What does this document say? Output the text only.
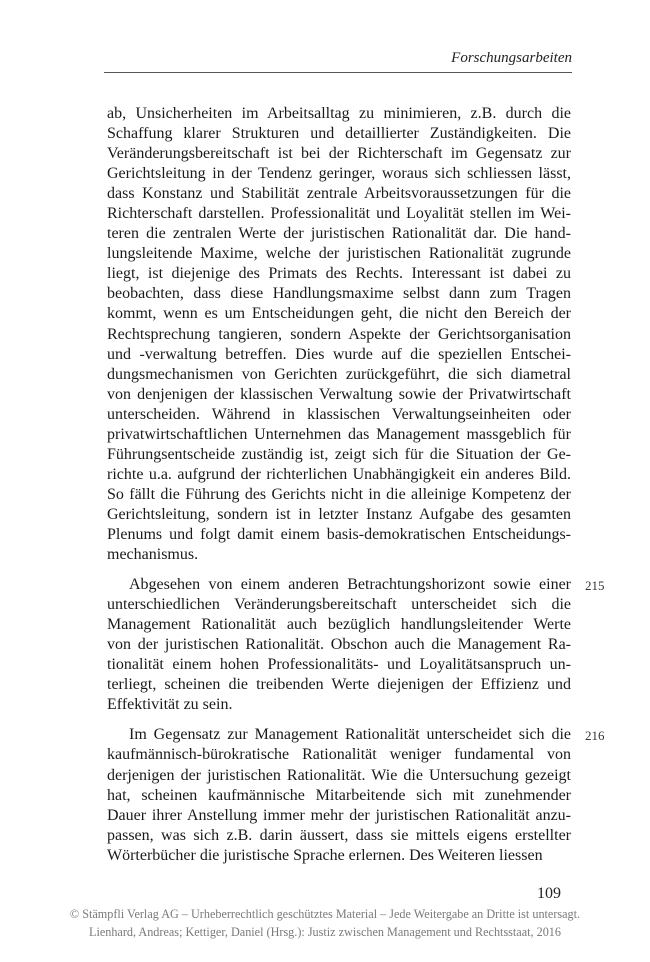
Forschungsarbeiten

ab, Unsicherheiten im Arbeitsalltag zu minimieren, z.B. durch die
Schaffung klarer Strukturen und detaillierter Zuständigkeiten. Die
Veränderungsbereitschaft ist bei der Richterschaft im Gegensatz zur
Gerichtsleitung in der Tendenz geringer, woraus sich schliessen lässt,
dass Konstanz und Stabilität zentrale Arbeitsvoraussetzungen für die
Richterschaft darstellen. Professionalität und Loyalität stellen im Wei-
teren die zentralen Werte der juristischen Rationalität dar. Die hand-
lungsleitende Maxime, welche der juristischen Rationalität zugrunde
liegt, ist diejenige des Primats des Rechts. Interessant ist dabei zu
beobachten, dass diese Handlungsmaxime selbst dann zum Tragen
kommt, wenn es um Entscheidungen geht, die nicht den Bereich der
Rechtsprechung tangieren, sondern Aspekte der Gerichtsorganisation
und -verwaltung betreffen. Dies wurde auf die speziellen Entschei-
dungsmechanismen von Gerichten zurückgeführt, die sich diametral
von denjenigen der klassischen Verwaltung sowie der Privatwirtschaft
unterscheiden. Während in klassischen Verwaltungseinheiten oder
privatwirtschaftlichen Unternehmen das Management massgeblich für
Führungsentscheide zuständig ist, zeigt sich für die Situation der Ge-
richte u.a. aufgrund der richterlichen Unabhängigkeit ein anderes Bild.
So fällt die Führung des Gerichts nicht in die alleinige Kompetenz der
Gerichtsleitung, sondern ist in letzter Instanz Aufgabe des gesamten
Plenums und folgt damit einem basis-demokratischen Entscheidungs-
mechanismus.

215
Abgesehen von einem anderen Betrachtungshorizont sowie einer
unterschiedlichen Veränderungsbereitschaft unterscheidet sich die
Management Rationalität auch bezüglich handlungsleitender Werte
von der juristischen Rationalität. Obschon auch die Management Ra-
tionalität einem hohen Professionalitäts- und Loyalitätsanspruch un-
terliegt, scheinen die treibenden Werte diejenigen der Effizienz und
Effektivität zu sein.

216
Im Gegensatz zur Management Rationalität unterscheidet sich die
kaufmännisch-bürokratische Rationalität weniger fundamental von
derjenigen der juristischen Rationalität. Wie die Untersuchung gezeigt
hat, scheinen kaufmännische Mitarbeitende sich mit zunehmender
Dauer ihrer Anstellung immer mehr der juristischen Rationalität anzu-
passen, was sich z.B. darin äussert, dass sie mittels eigens erstellter
Wörterbücher die juristische Sprache erlernen. Des Weiteren liessen

109
© Stämpfli Verlag AG – Urheberrechtlich geschütztes Material – Jede Weitergabe an Dritte ist untersagt.
Lienhard, Andreas; Kettiger, Daniel (Hrsg.): Justiz zwischen Management und Rechtsstaat, 2016
